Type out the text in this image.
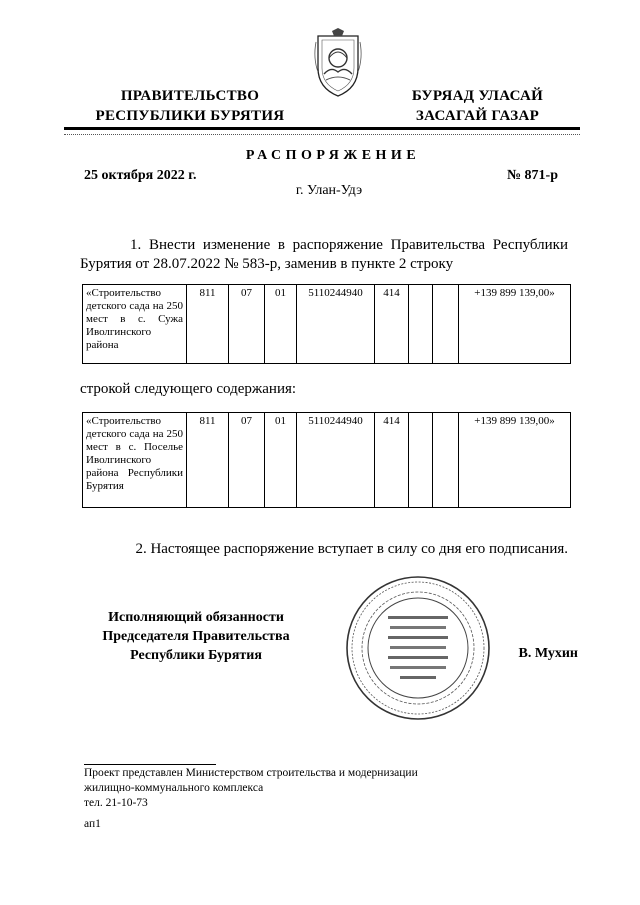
ПРАВИТЕЛЬСТВО
РЕСПУБЛИКИ БУРЯТИЯ
БУРЯАД УЛАСАЙ
ЗАСАГАЙ ГАЗАР
РАСПОРЯЖЕНИЕ
25 октября 2022 г.	№ 871-р
г. Улан-Удэ
1. Внести изменение в распоряжение Правительства Республики Бурятия от 28.07.2022 № 583-р, заменив в пункте 2 строку
«Строительство детского сада на 250 мест в с. Сужа Иволгинского района	811	07	01	5110244940	414			+139 899 139,00»
строкой следующего содержания:
«Строительство детского сада на 250 мест в с. Поселье Иволгинского района Республики Бурятия	811	07	01	5110244940	414			+139 899 139,00»
2. Настоящее распоряжение вступает в силу со дня его подписания.
Исполняющий обязанности
Председателя Правительства
Республики Бурятия	В. Мухин
Проект представлен Министерством строительства и модернизации
жилищно-коммунального комплекса
тел. 21-10-73
ап1
